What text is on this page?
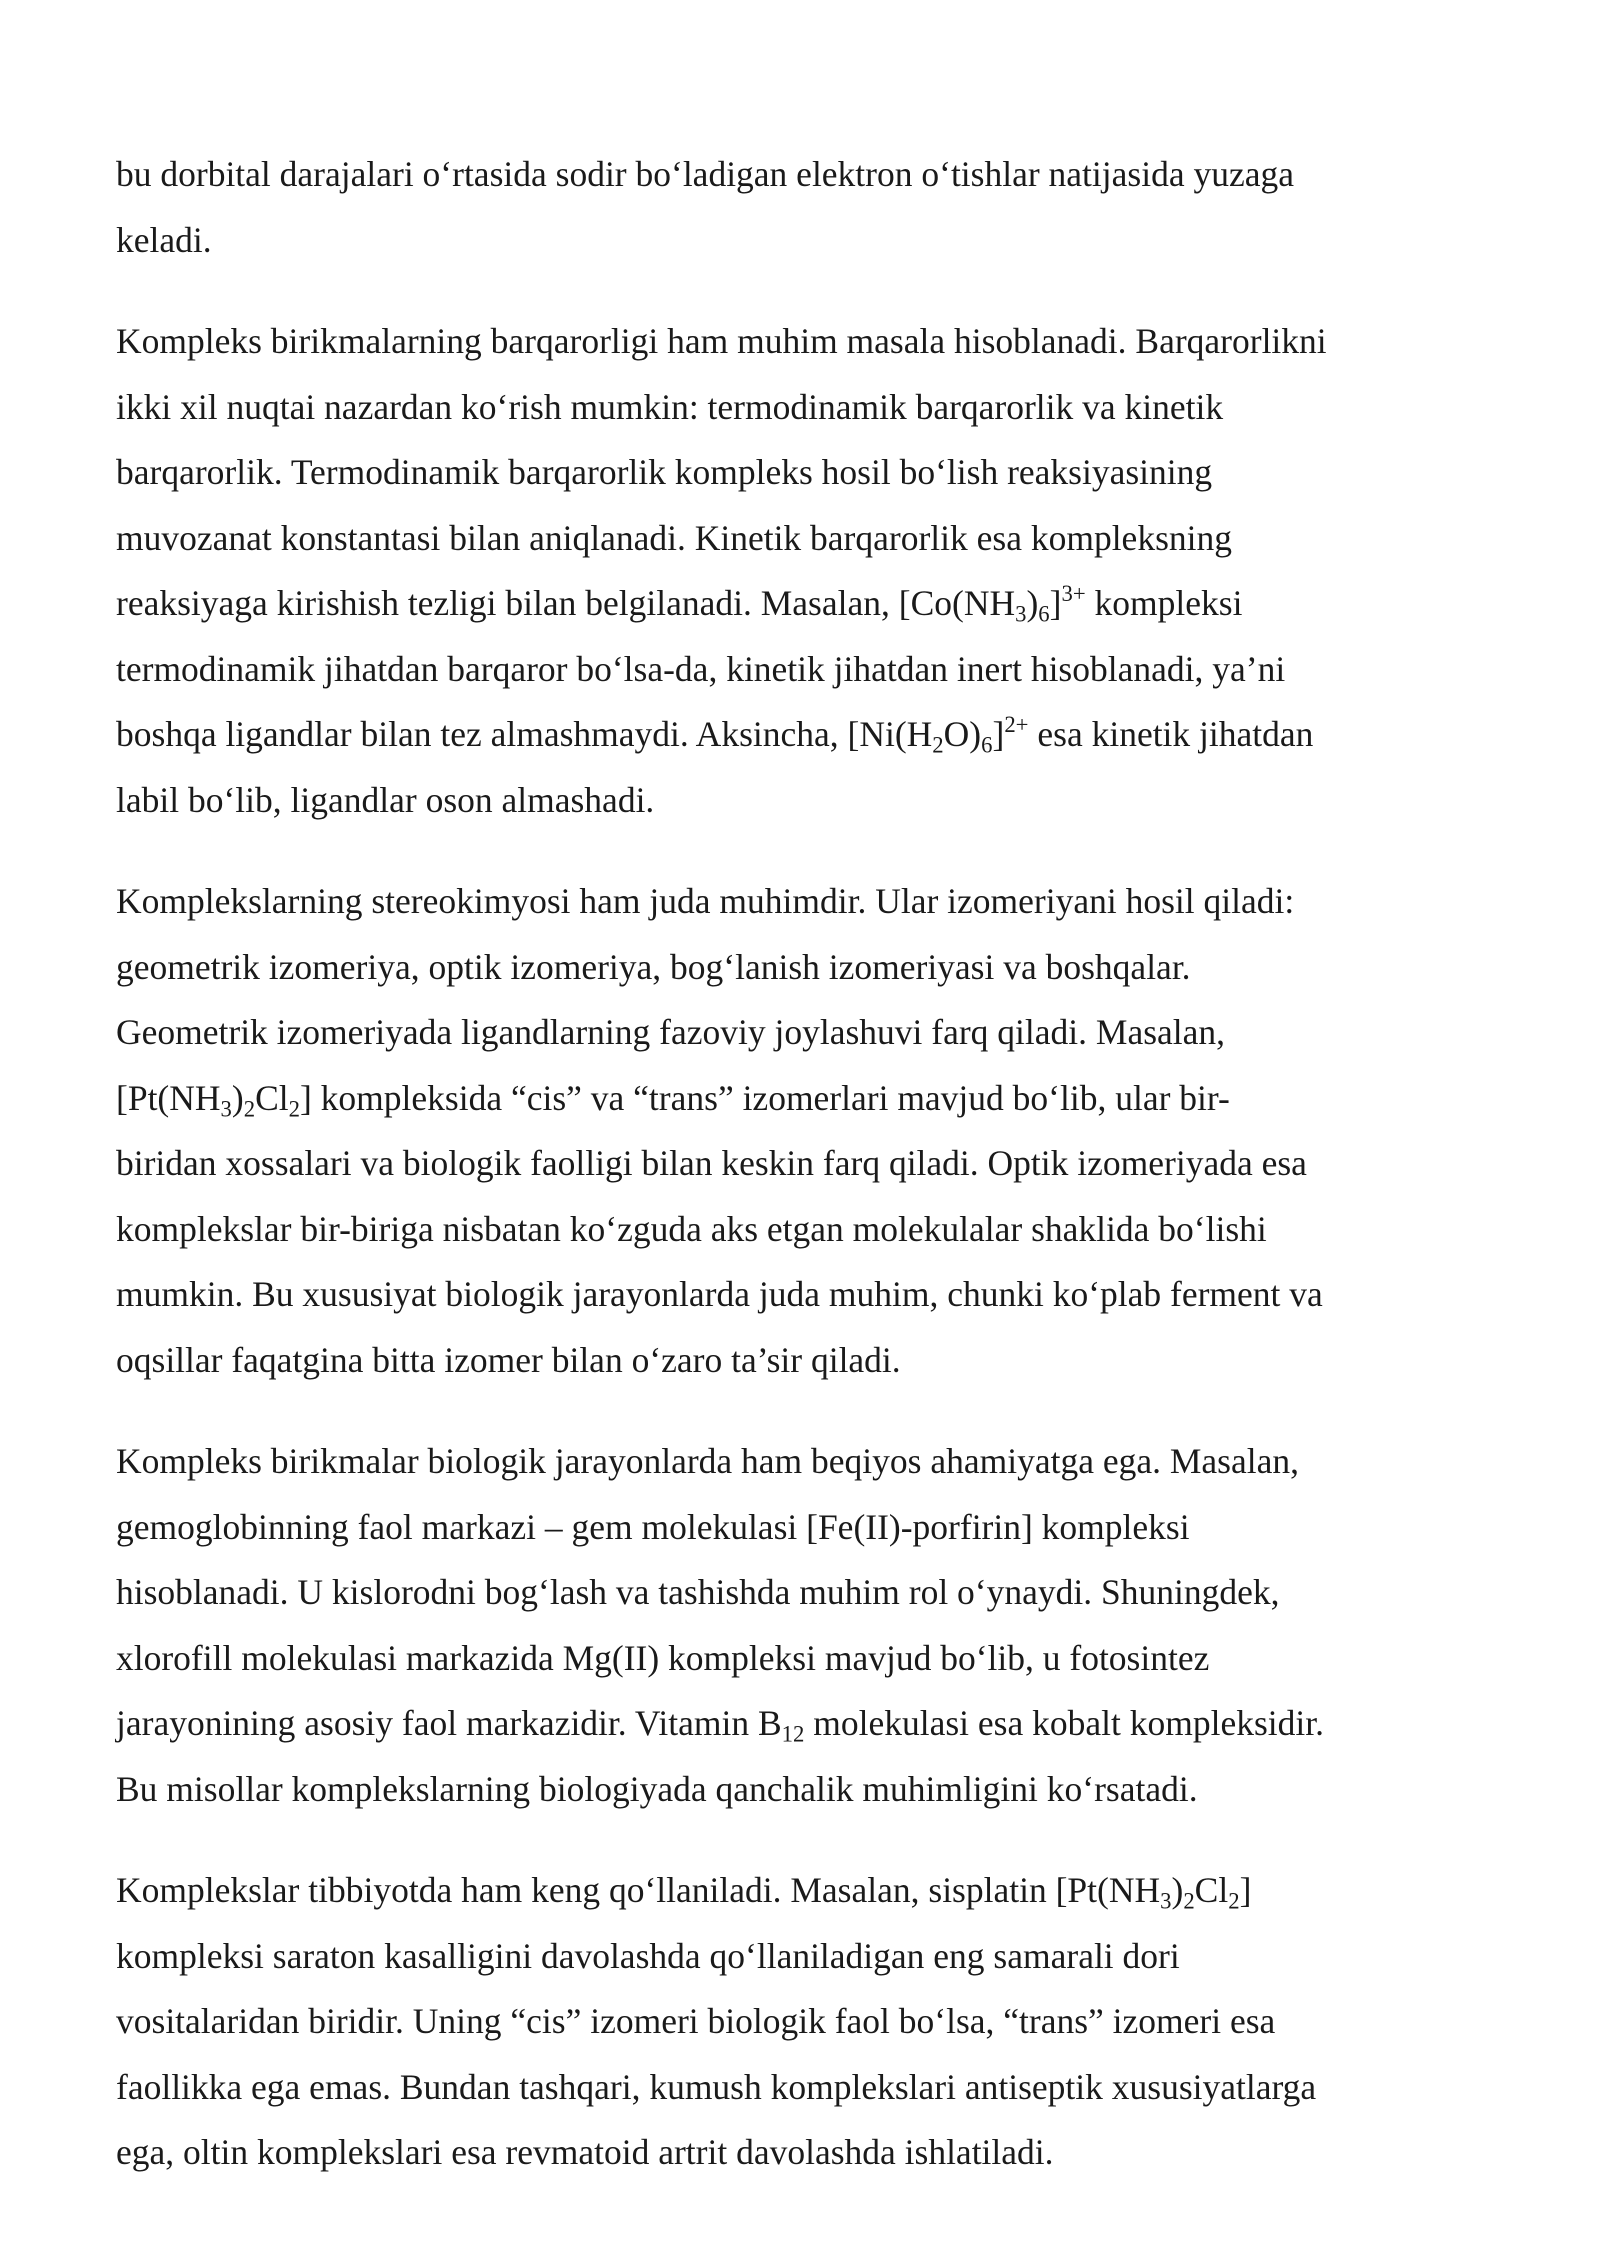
bu dorbital darajalari o‘rtasida sodir bo‘ladigan elektron o‘tishlar natijasida yuzaga
keladi.

Kompleks birikmalarning barqarorligi ham muhim masala hisoblanadi. Barqarorlikni
ikki xil nuqtai nazardan ko‘rish mumkin: termodinamik barqarorlik va kinetik
barqarorlik. Termodinamik barqarorlik kompleks hosil bo‘lish reaksiyasining
muvozanat konstantasi bilan aniqlanadi. Kinetik barqarorlik esa kompleksning
reaksiyaga kirishish tezligi bilan belgilanadi. Masalan, $[Co(NH_3)_6]^{3+}$ kompleksi
termodinamik jihatdan barqaror bo‘lsa-da, kinetik jihatdan inert hisoblanadi, ya’ni
boshqa ligandlar bilan tez almashmaydi. Aksincha, $[Ni(H_2O)_6]^{2+}$ esa kinetik jihatdan
labil bo‘lib, ligandlar oson almashadi.

Komplekslarning stereokimyosi ham juda muhimdir. Ular izomeriyani hosil qiladi:
geometrik izomeriya, optik izomeriya, bog‘lanish izomeriyasi va boshqalar.
Geometrik izomeriyada ligandlarning fazoviy joylashuvi farq qiladi. Masalan,
$[Pt(NH_3)_2Cl_2]$ kompleksida “cis” va “trans” izomerlari mavjud bo‘lib, ular bir-
biridan xossalari va biologik faolligi bilan keskin farq qiladi. Optik izomeriyada esa
komplekslar bir-biriga nisbatan ko‘zguda aks etgan molekulalar shaklida bo‘lishi
mumkin. Bu xususiyat biologik jarayonlarda juda muhim, chunki ko‘plab ferment va
oqsillar faqatgina bitta izomer bilan o‘zaro ta’sir qiladi.

Kompleks birikmalar biologik jarayonlarda ham beqiyos ahamiyatga ega. Masalan,
gemoglobinning faol markazi – gem molekulasi [Fe(II)-porfirin] kompleksi
hisoblanadi. U kislorodni bog‘lash va tashishda muhim rol o‘ynaydi. Shuningdek,
xlorofill molekulasi markazida Mg(II) kompleksi mavjud bo‘lib, u fotosintez
jarayonining asosiy faol markazidir. Vitamin $B_{12}$ molekulasi esa kobalt kompleksidir.
Bu misollar komplekslarning biologiyada qanchalik muhimligini ko‘rsatadi.

Komplekslar tibbiyotda ham keng qo‘llaniladi. Masalan, sisplatin $[Pt(NH_3)_2Cl_2]$
kompleksi saraton kasalligini davolashda qo‘llaniladigan eng samarali dori
vositalaridan biridir. Uning “cis” izomeri biologik faol bo‘lsa, “trans” izomeri esa
faollikka ega emas. Bundan tashqari, kumush komplekslari antiseptik xususiyatlarga
ega, oltin komplekslari esa revmatoid artrit davolashda ishlatiladi.
